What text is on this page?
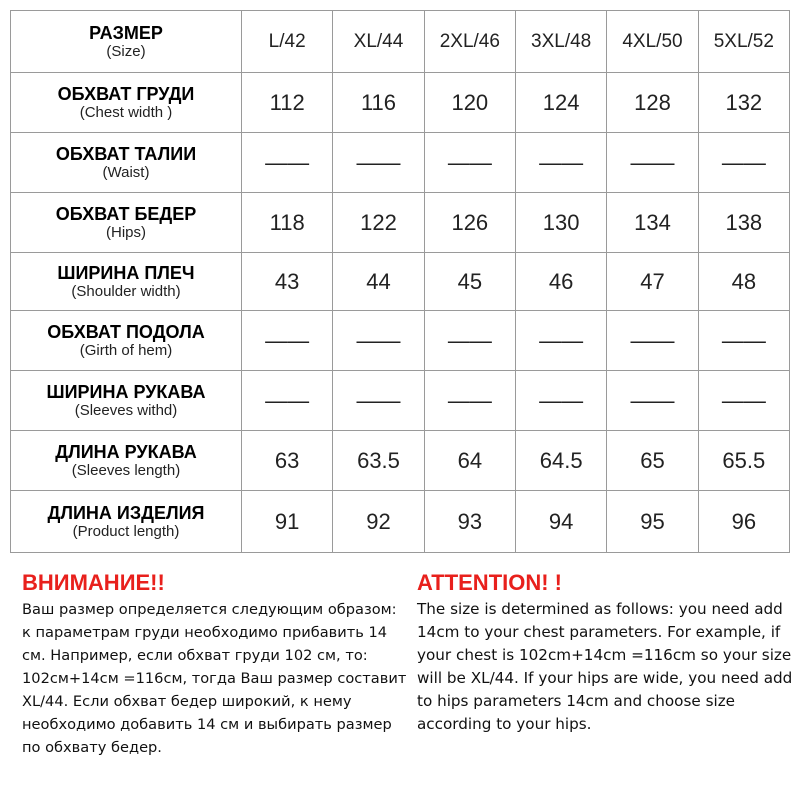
РАЗМЕР
(Size)	L/42	XL/44	2XL/46	3XL/48	4XL/50	5XL/52

ОБХВАТ ГРУДИ
(Chest width )	112	116	120	124	128	132

ОБХВАТ ТАЛИИ
(Waist)	——	——	——	——	——	——

ОБХВАТ БЕДЕР
(Hips)	118	122	126	130	134	138

ШИРИНА ПЛЕЧ
(Shoulder width)	43	44	45	46	47	48

ОБХВАТ ПОДОЛА
(Girth of hem)	——	——	——	——	——	——

ШИРИНА РУКАВА
(Sleeves withd)	——	——	——	——	——	——

ДЛИНА РУКАВА
(Sleeves length)	63	63.5	64	64.5	65	65.5

ДЛИНА ИЗДЕЛИЯ
(Product length)	91	92	93	94	95	96
ВНИМАНИЕ!!

Ваш размер определяется следующим образом: к параметрам груди необходимо прибавить 14 см. Например, если обхват груди 102 см, то: 102см+14см =116см, тогда Ваш размер составит XL/44. Если обхват бедер широкий, к нему необходимо добавить 14 см и выбирать размер по обхвату бедер.

ATTENTION! !

The size is determined as follows: you need add 14cm to your chest parameters. For example, if your chest is 102cm+14cm =116cm so your size will be XL/44. If your hips are wide, you need add to hips parameters 14cm and choose size according to your hips.
